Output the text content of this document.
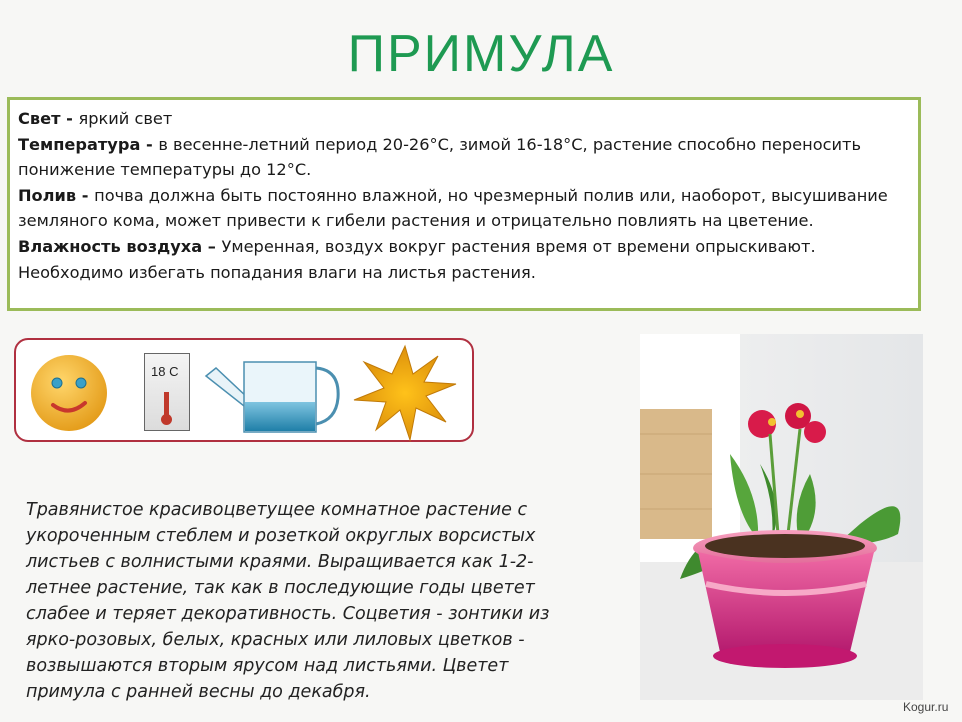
ПРИМУЛА

Свет - яркий свет

Температура - в весенне-летний период 20-26°С, зимой 16-18°С, растение способно переносить понижение температуры до 12°С.

Полив - почва должна быть постоянно влажной, но чрезмерный полив или, наоборот, высушивание земляного кома, может привести к гибели растения и отрицательно повлиять на цветение.

Влажность воздуха – Умеренная, воздух вокруг растения время от времени опрыскивают. Необходимо избегать попадания влаги на листья растения.

18 С
Травянистое красивоцветущее комнатное растение с укороченным стеблем и розеткой округлых ворсистых листьев с волнистыми краями. Выращивается как 1-2-летнее растение, так как в последующие годы цветет слабее и теряет декоративность. Соцветия - зонтики из ярко-розовых, белых, красных или лиловых цветков - возвышаются вторым ярусом над листьями. Цветет примула с ранней весны до декабря.
Kogur.ru
